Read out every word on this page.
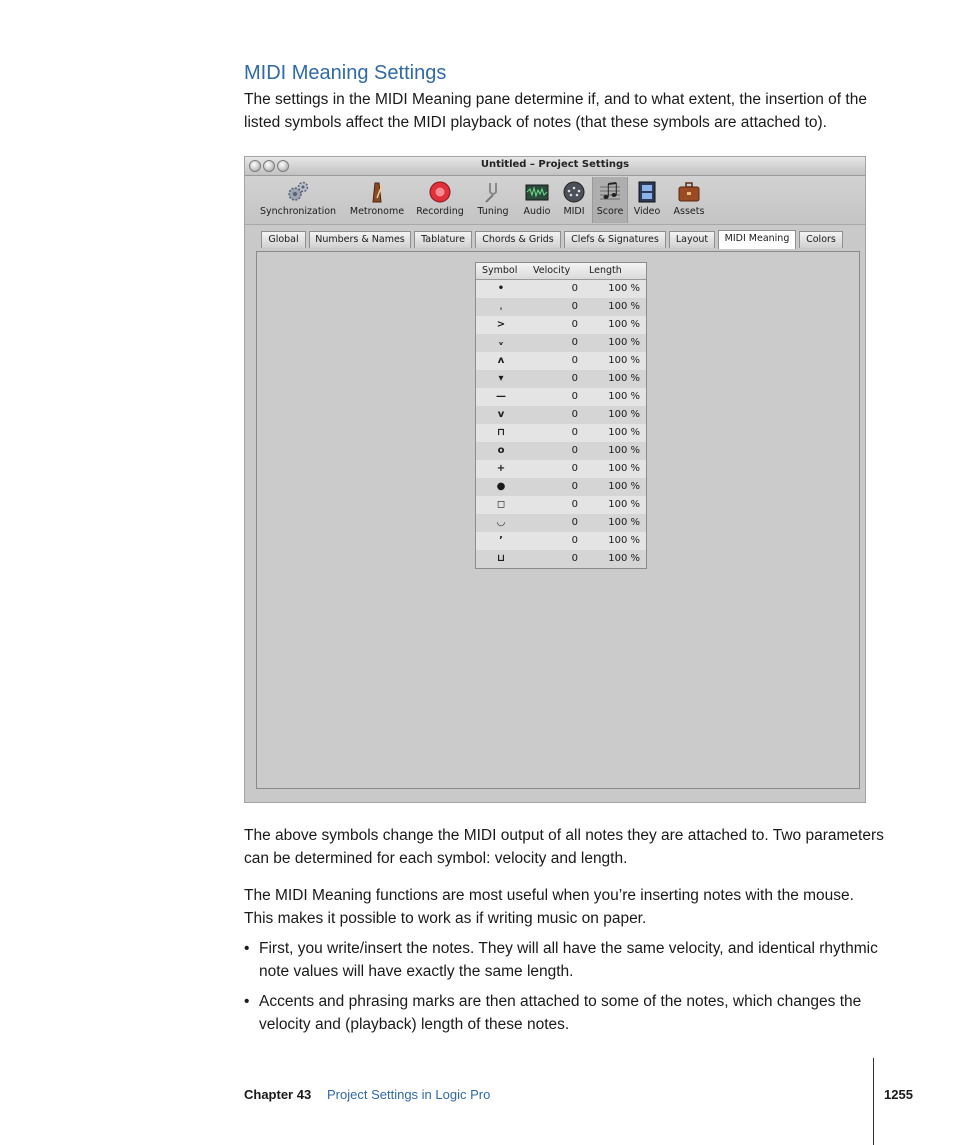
MIDI Meaning Settings

The settings in the MIDI Meaning pane determine if, and to what extent, the insertion of the listed symbols affect the MIDI playback of notes (that these symbols are attached to).

Untitled – Project Settings
Synchronization	Metronome	Recording	Tuning	Audio	MIDI	Score	Video	Assets
Global	Numbers & Names	Tablature	Chords & Grids	Clefs & Signatures	Layout	MIDI Meaning	Colors
Symbol Velocity Length
•	0	100 %
ˌ	0	100 %
>	0	100 %
ᵥ	0	100 %
ᴧ	0	100 %
▾	0	100 %
—	0	100 %
v	0	100 %
⊓	0	100 %
o	0	100 %
+	0	100 %
●	0	100 %
◻	0	100 %
◡	0	100 %
ʼ	0	100 %
⊔	0	100 %

The above symbols change the MIDI output of all notes they are attached to. Two parameters can be determined for each symbol: velocity and length.

The MIDI Meaning functions are most useful when you’re inserting notes with the mouse. This makes it possible to work as if writing music on paper.

• First, you write/insert the notes. They will all have the same velocity, and identical rhythmic note values will have exactly the same length.

• Accents and phrasing marks are then attached to some of the notes, which changes the velocity and (playback) length of these notes.

Chapter 43 Project Settings in Logic Pro	1255
